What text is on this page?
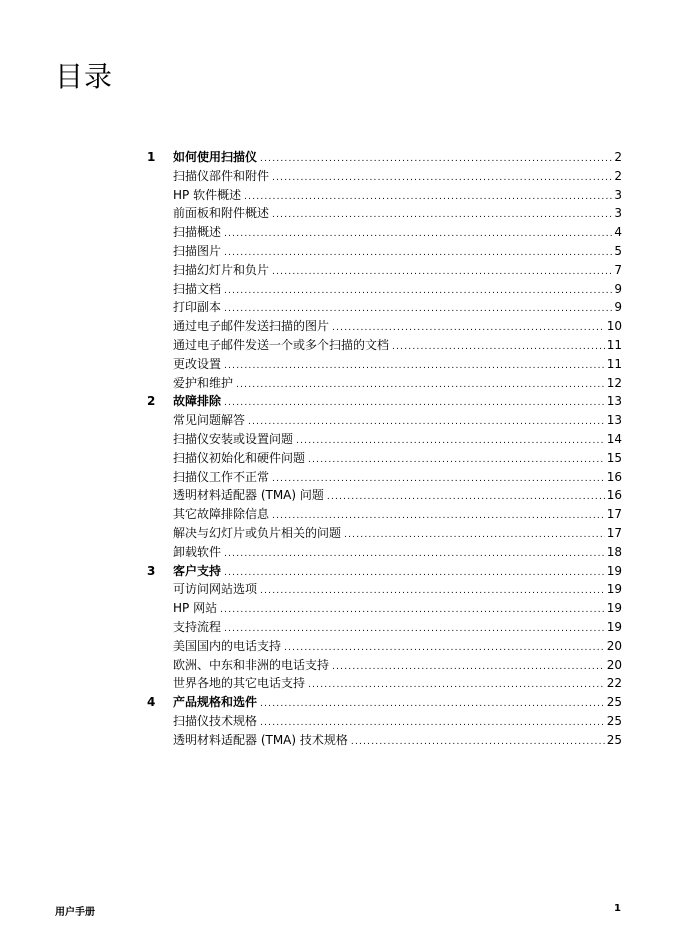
目录
1	如何使用扫描仪 .....	2
扫描仪部件和附件 .....	2
HP 软件概述 .....	3
前面板和附件概述 .....	3
扫描概述 .....	4
扫描图片 .....	5
扫描幻灯片和负片 .....	7
扫描文档 .....	9
打印副本 .....	9
通过电子邮件发送扫描的图片 .....	10
通过电子邮件发送一个或多个扫描的文档 .....	11
更改设置 .....	11
爱护和维护 .....	12
2	故障排除 .....	13
常见问题解答 .....	13
扫描仪安装或设置问题 .....	14
扫描仪初始化和硬件问题 .....	15
扫描仪工作不正常 .....	16
透明材料适配器 (TMA) 问题 .....	16
其它故障排除信息 .....	17
解决与幻灯片或负片相关的问题 .....	17
卸载软件 .....	18
3	客户支持 .....	19
可访问网站选项 .....	19
HP 网站 .....	19
支持流程 .....	19
美国国内的电话支持 .....	20
欧洲、中东和非洲的电话支持 .....	20
世界各地的其它电话支持 .....	22
4	产品规格和选件 .....	25
扫描仪技术规格 .....	25
透明材料适配器 (TMA) 技术规格 .....	25
用户手册	1
